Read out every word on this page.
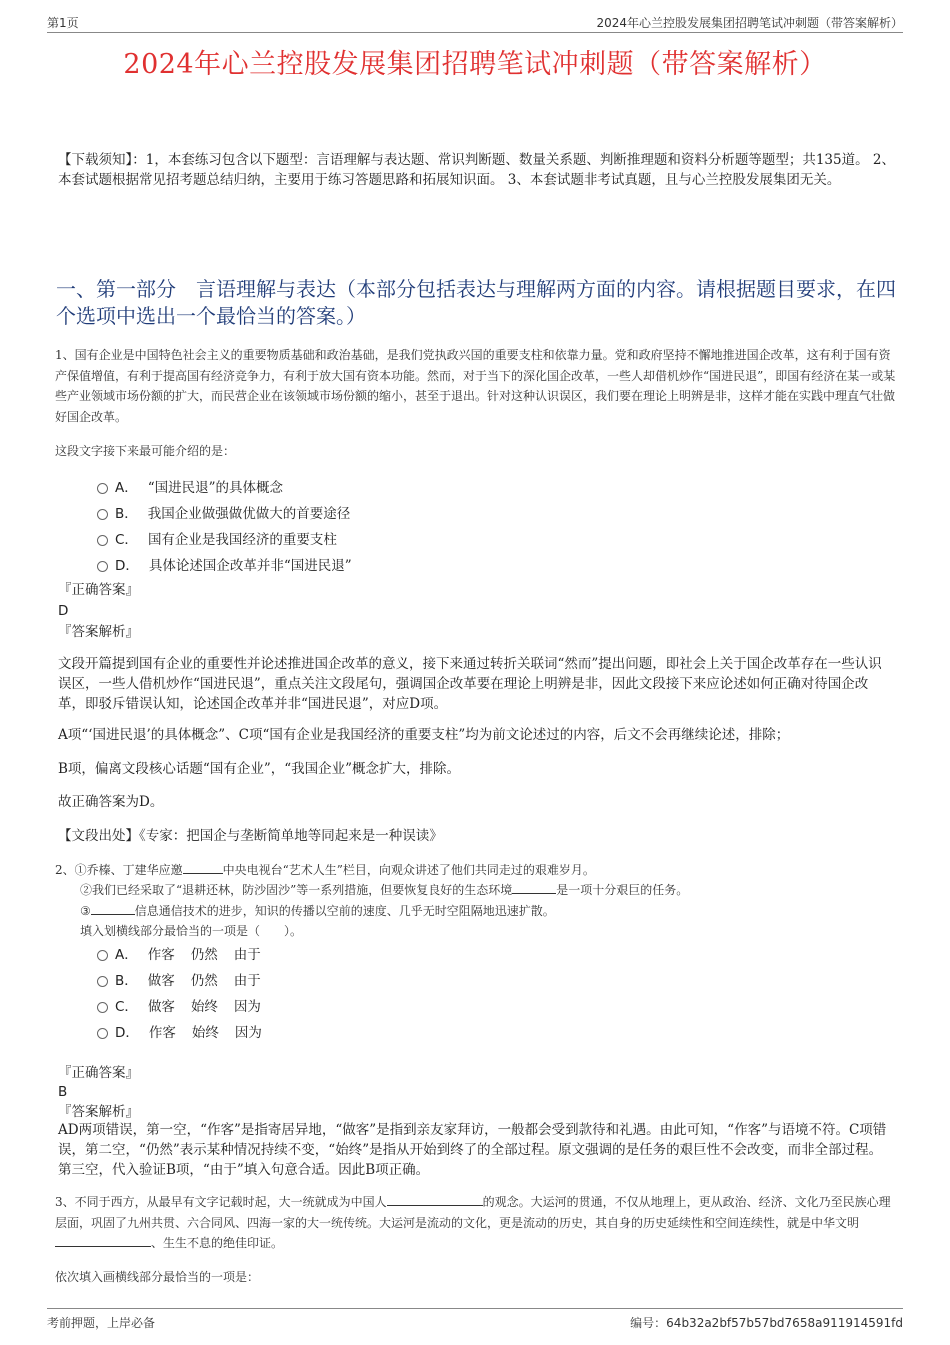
第1页	2024年心兰控股发展集团招聘笔试冲刺题（带答案解析）
2024年心兰控股发展集团招聘笔试冲刺题（带答案解析）
【下载须知】：1，本套练习包含以下题型：言语理解与表达题、常识判断题、数量关系题、判断推理题和资料分析题等题型；共135道。 2、本套试题根据常见招考题总结归纳，主要用于练习答题思路和拓展知识面。 3、本套试题非考试真题，且与心兰控股发展集团无关。
一、第一部分　言语理解与表达（本部分包括表达与理解两方面的内容。请根据题目要求，在四个选项中选出一个最恰当的答案。）
1、国有企业是中国特色社会主义的重要物质基础和政治基础，是我们党执政兴国的重要支柱和依靠力量。党和政府坚持不懈地推进国企改革，这有利于国有资产保值增值，有利于提高国有经济竞争力，有利于放大国有资本功能。然而，对于当下的深化国企改革，一些人却借机炒作“国进民退”，即国有经济在某一或某些产业领域市场份额的扩大，而民营企业在该领域市场份额的缩小，甚至于退出。针对这种认识误区，我们要在理论上明辨是非，这样才能在实践中理直气壮做好国企改革。
这段文字接下来最可能介绍的是：
A． “国进民退”的具体概念
B． 我国企业做强做优做大的首要途径
C． 国有企业是我国经济的重要支柱
D． 具体论述国企改革并非“国进民退”
『正确答案』
D
『答案解析』
文段开篇提到国有企业的重要性并论述推进国企改革的意义，接下来通过转折关联词“然而”提出问题，即社会上关于国企改革存在一些认识误区，一些人借机炒作“国进民退”，重点关注文段尾句，强调国企改革要在理论上明辨是非，因此文段接下来应论述如何正确对待国企改革，即驳斥错误认知，论述国企改革并非“国进民退”，对应D项。
A项“‘国进民退’的具体概念”、C项“国有企业是我国经济的重要支柱”均为前文论述过的内容，后文不会再继续论述，排除；
B项，偏离文段核心话题“国有企业”，“我国企业”概念扩大，排除。
故正确答案为D。
【文段出处】《专家：把国企与垄断简单地等同起来是一种误读》
2、①乔榛、丁建华应邀	中央电视台“艺术人生”栏目，向观众讲述了他们共同走过的艰难岁月。
②我们已经采取了“退耕还林，防沙固沙”等一系列措施，但要恢复良好的生态环境	是一项十分艰巨的任务。
③	信息通信技术的进步，知识的传播以空前的速度、几乎无时空阻隔地迅速扩散。
填入划横线部分最恰当的一项是（　　）。
A． 作客 仍然 由于
B． 做客 仍然 由于
C． 做客 始终 因为
D． 作客 始终 因为
『正确答案』
B
『答案解析』
AD两项错误，第一空，“作客”是指寄居异地，“做客”是指到亲友家拜访，一般都会受到款待和礼遇。由此可知，“作客”与语境不符。C项错误，第二空，“仍然”表示某种情况持续不变，“始终”是指从开始到终了的全部过程。原文强调的是任务的艰巨性不会改变，而非全部过程。第三空，代入验证B项，“由于”填入句意合适。因此B项正确。
3、不同于西方，从最早有文字记载时起，大一统就成为中国人	的观念。大运河的贯通，不仅从地理上，更从政治、经济、文化乃至民族心理层面，巩固了九州共贯、六合同风、四海一家的大一统传统。大运河是流动的文化，更是流动的历史，其自身的历史延续性和空间连续性，就是中华文明、生生不息的绝佳印证。
依次填入画横线部分最恰当的一项是：
考前押题，上岸必备	编号：64b32a2bf57b57bd7658a911914591fd
